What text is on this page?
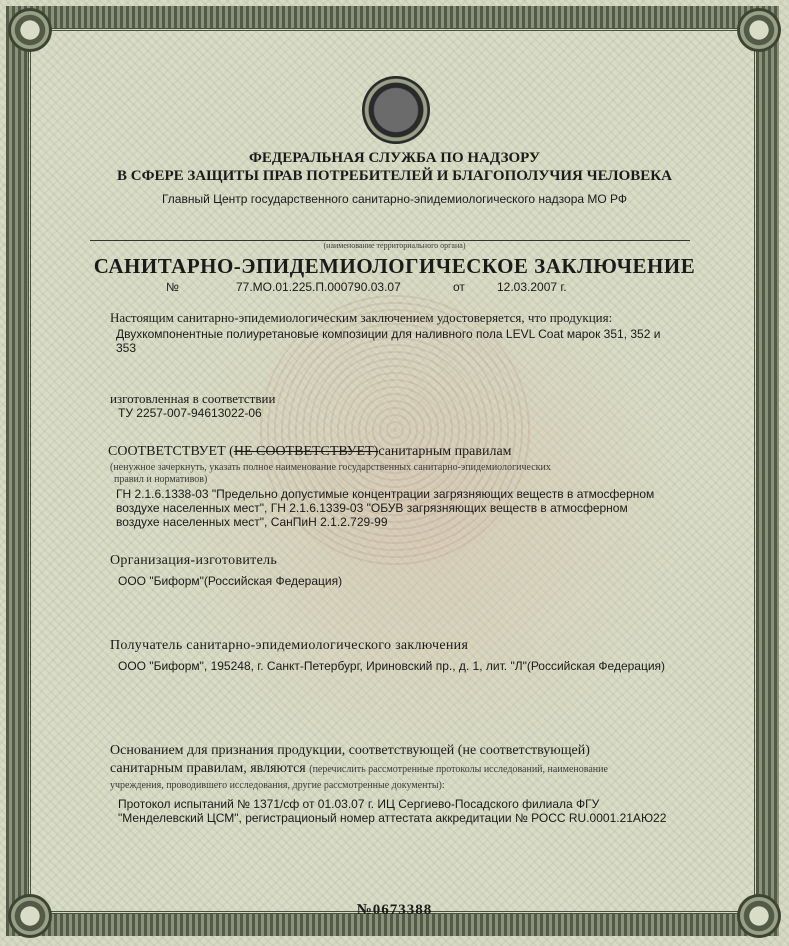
ФЕДЕРАЛЬНАЯ СЛУЖБА ПО НАДЗОРУ
В СФЕРЕ ЗАЩИТЫ ПРАВ ПОТРЕБИТЕЛЕЙ И БЛАГОПОЛУЧИЯ ЧЕЛОВЕКА
Главный Центр государственного санитарно-эпидемиологического надзора МО РФ
(наименование территориального органа)
САНИТАРНО-ЭПИДЕМИОЛОГИЧЕСКОЕ ЗАКЛЮЧЕНИЕ
№	77.МО.01.225.П.000790.03.07	от	12.03.2007 г.
Настоящим санитарно-эпидемиологическим заключением удостоверяется, что продукция:
Двухкомпонентные полиуретановые композиции для наливного пола LEVL Coat марок 351, 352 и
353
изготовленная в соответствии
ТУ 2257-007-94613022-06
СООТВЕТСТВУЕТ (НЕ СООТВЕТСТВУЕТ)санитарным правилам
(ненужное зачеркнуть, указать полное наименование государственных санитарно-эпидемиологических
правил и нормативов)
ГН 2.1.6.1338-03 "Предельно допустимые концентрации загрязняющих веществ в атмосферном
воздухе населенных мест", ГН 2.1.6.1339-03 "ОБУВ загрязняющих веществ в атмосферном
воздухе населенных мест", СанПиН 2.1.2.729-99
Организация-изготовитель
ООО "Биформ"(Российская Федерация)
Получатель санитарно-эпидемиологического заключения
ООО "Биформ", 195248, г. Санкт-Петербург, Ириновский пр., д. 1, лит. "Л"(Российская Федерация)
Основанием для признания продукции, соответствующей (не соответствующей)
санитарным правилам, являются (перечислить рассмотренные протоколы исследований, наименование
учреждения, проводившего исследования, другие рассмотренные документы):
Протокол испытаний № 1371/сф от 01.03.07 г. ИЦ Сергиево-Посадского филиала ФГУ
"Менделевский ЦСМ", регистрационый номер аттестата аккредитации № РОСС RU.0001.21АЮ22
№0673388
